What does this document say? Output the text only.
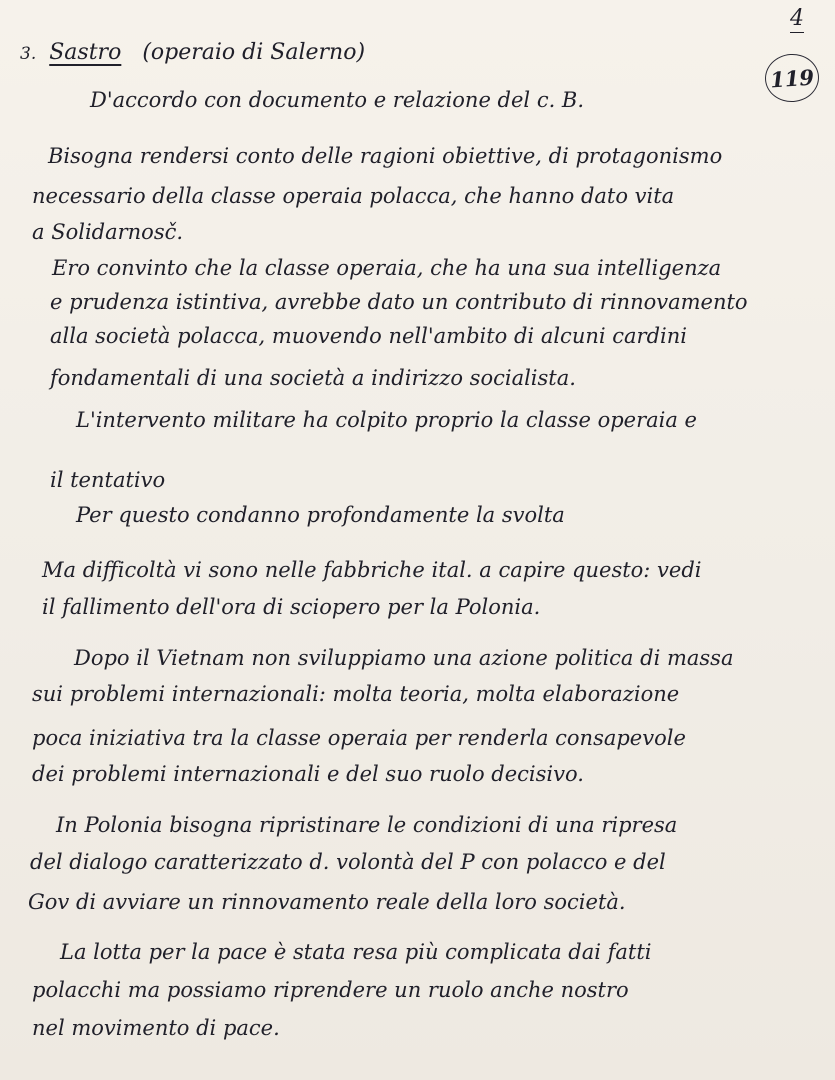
4
119
3. Sastro (operaio di Salerno)
D'accordo con documento e relazione del c. B.
Bisogna rendersi conto delle ragioni obiettive, di protagonismo
necessario della classe operaia polacca, che hanno dato vita
a Solidarnosč.
Ero convinto che la classe operaia, che ha una sua intelligenza
e prudenza istintiva, avrebbe dato un contributo di rinnovamento
alla società polacca, muovendo nell'ambito di alcuni cardini
fondamentali di una società a indirizzo socialista.
L'intervento militare ha colpito proprio la classe operaia e
il tentativo
Per questo condanno profondamente la svolta
Ma difficoltà vi sono nelle fabbriche ital. a capire questo: vedi
il fallimento dell'ora di sciopero per la Polonia.
Dopo il Vietnam non sviluppiamo una azione politica di massa
sui problemi internazionali: molta teoria, molta elaborazione
poca iniziativa tra la classe operaia per renderla consapevole
dei problemi internazionali e del suo ruolo decisivo.
In Polonia bisogna ripristinare le condizioni di una ripresa
del dialogo caratterizzato d. volontà del P con polacco e del
Gov di avviare un rinnovamento reale della loro società.
La lotta per la pace è stata resa più complicata dai fatti
polacchi ma possiamo riprendere un ruolo anche nostro
nel movimento di pace.
